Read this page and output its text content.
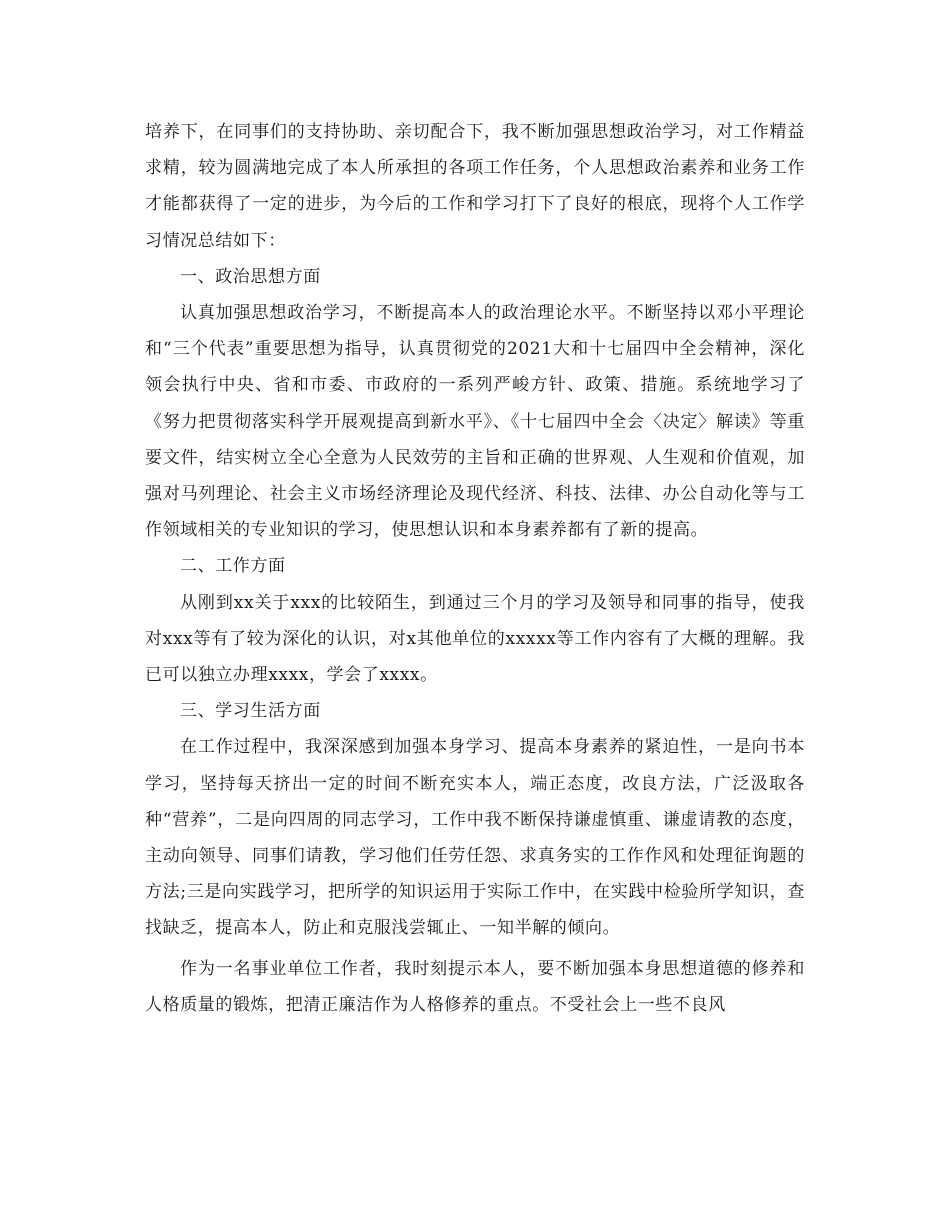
培养下，在同事们的支持协助、亲切配合下，我不断加强思想政治学习，对工作精益求精，较为圆满地完成了本人所承担的各项工作任务，个人思想政治素养和业务工作才能都获得了一定的进步，为今后的工作和学习打下了良好的根底，现将个人工作学习情况总结如下：

一、政治思想方面

认真加强思想政治学习，不断提高本人的政治理论水平。不断坚持以邓小平理论和“三个代表”重要思想为指导，认真贯彻党的2021大和十七届四中全会精神，深化领会执行中央、省和市委、市政府的一系列严峻方针、政策、措施。系统地学习了《努力把贯彻落实科学开展观提高到新水平》、《十七届四中全会〈决定〉解读》等重要文件，结实树立全心全意为人民效劳的主旨和正确的世界观、人生观和价值观，加强对马列理论、社会主义市场经济理论及现代经济、科技、法律、办公自动化等与工作领域相关的专业知识的学习，使思想认识和本身素养都有了新的提高。

二、工作方面

从刚到xx关于xxx的比较陌生，到通过三个月的学习及领导和同事的指导，使我对xxx等有了较为深化的认识，对x其他单位的xxxxx等工作内容有了大概的理解。我已可以独立办理xxxx，学会了xxxx。

三、学习生活方面

在工作过程中，我深深感到加强本身学习、提高本身素养的紧迫性，一是向书本学习，坚持每天挤出一定的时间不断充实本人，端正态度，改良方法，广泛汲取各种“营养”，二是向四周的同志学习，工作中我不断保持谦虚慎重、谦虚请教的态度，主动向领导、同事们请教，学习他们任劳任怨、求真务实的工作作风和处理征询题的方法;三是向实践学习，把所学的知识运用于实际工作中，在实践中检验所学知识，查找缺乏，提高本人，防止和克服浅尝辄止、一知半解的倾向。

作为一名事业单位工作者，我时刻提示本人，要不断加强本身思想道德的修养和人格质量的锻炼，把清正廉洁作为人格修养的重点。不受社会上一些不良风
